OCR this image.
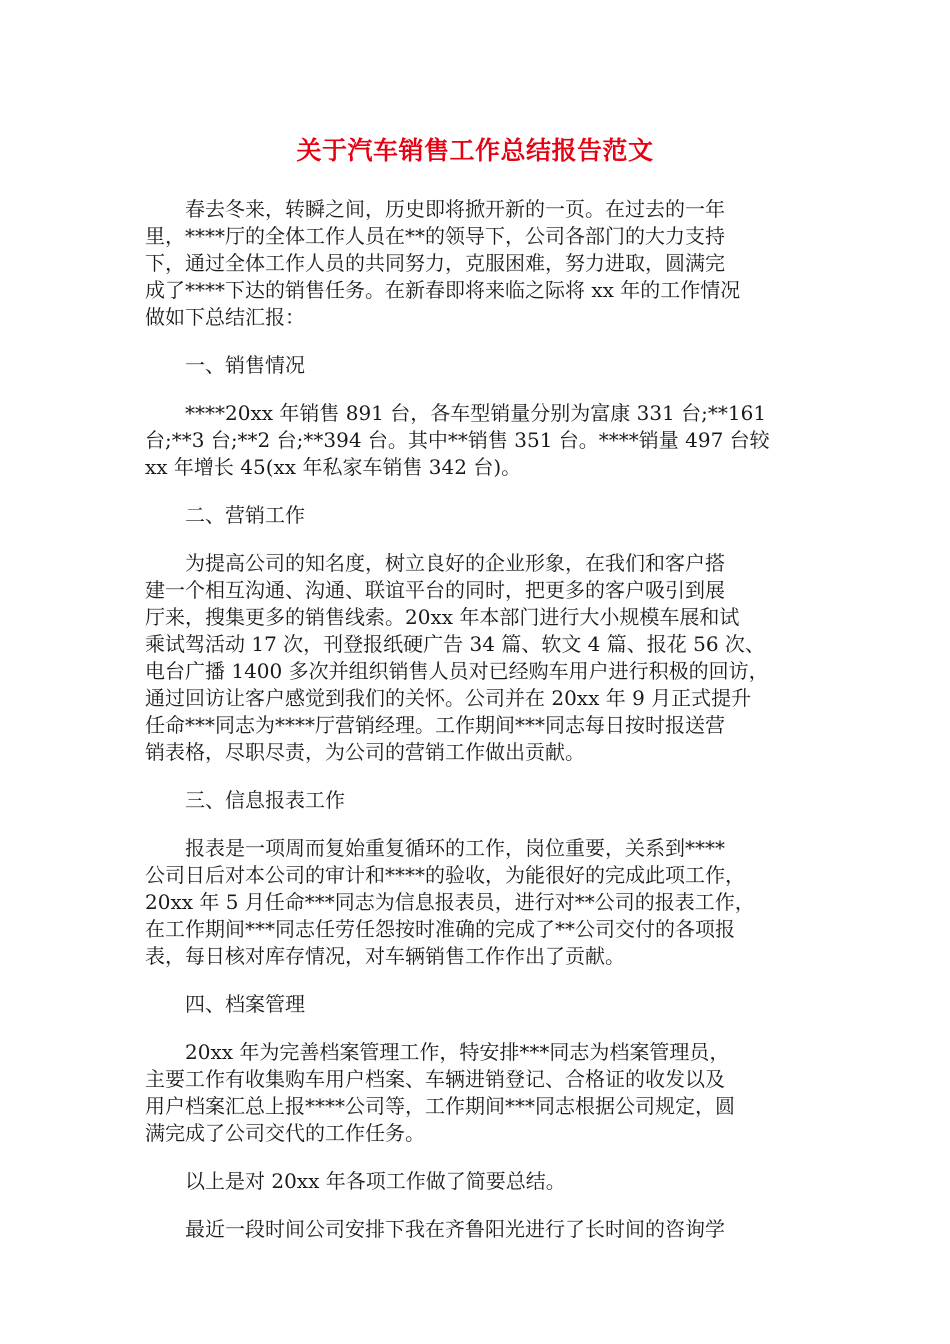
关于汽车销售工作总结报告范文

春去冬来，转瞬之间，历史即将掀开新的一页。在过去的一年
里，****厅的全体工作人员在**的领导下，公司各部门的大力支持
下，通过全体工作人员的共同努力，克服困难，努力进取，圆满完
成了****下达的销售任务。在新春即将来临之际将 xx 年的工作情况
做如下总结汇报：

一、销售情况

****20xx 年销售 891 台，各车型销量分别为富康 331 台;**161
台;**3 台;**2 台;**394 台。其中**销售 351 台。****销量 497 台较
xx 年增长 45(xx 年私家车销售 342 台)。

二、营销工作

为提高公司的知名度，树立良好的企业形象，在我们和客户搭
建一个相互沟通、沟通、联谊平台的同时，把更多的客户吸引到展
厅来，搜集更多的销售线索。20xx 年本部门进行大小规模车展和试
乘试驾活动 17 次，刊登报纸硬广告 34 篇、软文 4 篇、报花 56 次、
电台广播 1400 多次并组织销售人员对已经购车用户进行积极的回访，
通过回访让客户感觉到我们的关怀。公司并在 20xx 年 9 月正式提升
任命***同志为****厅营销经理。工作期间***同志每日按时报送营
销表格，尽职尽责，为公司的营销工作做出贡献。

三、信息报表工作

报表是一项周而复始重复循环的工作，岗位重要，关系到****
公司日后对本公司的审计和****的验收，为能很好的完成此项工作，
20xx 年 5 月任命***同志为信息报表员，进行对**公司的报表工作，
在工作期间***同志任劳任怨按时准确的完成了**公司交付的各项报
表，每日核对库存情况，对车辆销售工作作出了贡献。

四、档案管理

20xx 年为完善档案管理工作，特安排***同志为档案管理员，
主要工作有收集购车用户档案、车辆进销登记、合格证的收发以及
用户档案汇总上报****公司等，工作期间***同志根据公司规定，圆
满完成了公司交代的工作任务。

以上是对 20xx 年各项工作做了简要总结。

最近一段时间公司安排下我在齐鲁阳光进行了长时间的咨询学
